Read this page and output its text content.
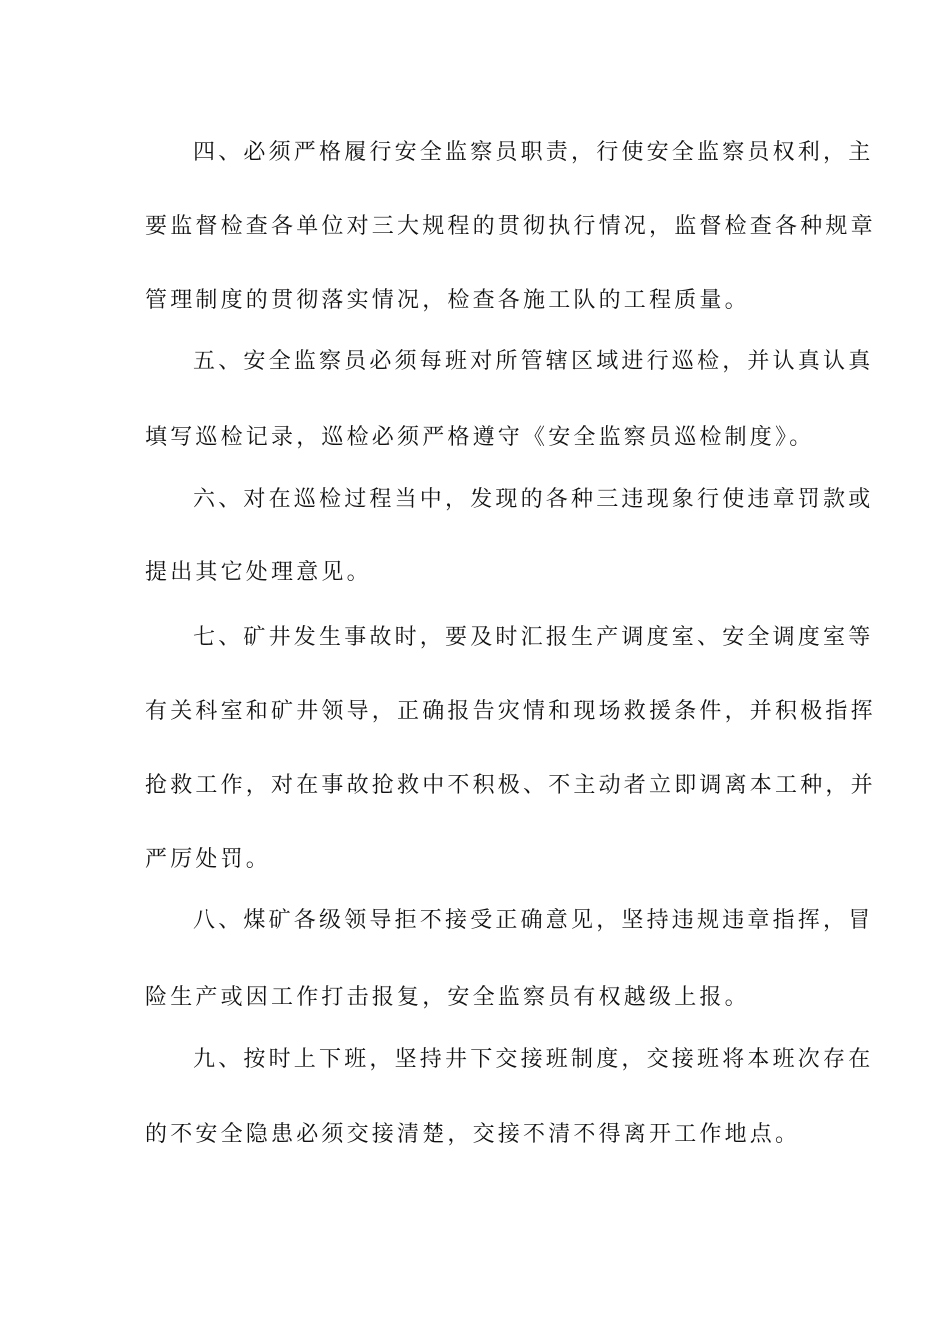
四、必须严格履行安全监察员职责，行使安全监察员权利，主
要监督检查各单位对三大规程的贯彻执行情况，监督检查各种规章
管理制度的贯彻落实情况，检查各施工队的工程质量。
五、安全监察员必须每班对所管辖区域进行巡检，并认真认真
填写巡检记录，巡检必须严格遵守《安全监察员巡检制度》。
六、对在巡检过程当中，发现的各种三违现象行使违章罚款或
提出其它处理意见。
七、矿井发生事故时，要及时汇报生产调度室、安全调度室等
有关科室和矿井领导，正确报告灾情和现场救援条件，并积极指挥
抢救工作，对在事故抢救中不积极、不主动者立即调离本工种，并
严厉处罚。
八、煤矿各级领导拒不接受正确意见，坚持违规违章指挥，冒
险生产或因工作打击报复，安全监察员有权越级上报。
九、按时上下班，坚持井下交接班制度，交接班将本班次存在
的不安全隐患必须交接清楚，交接不清不得离开工作地点。
